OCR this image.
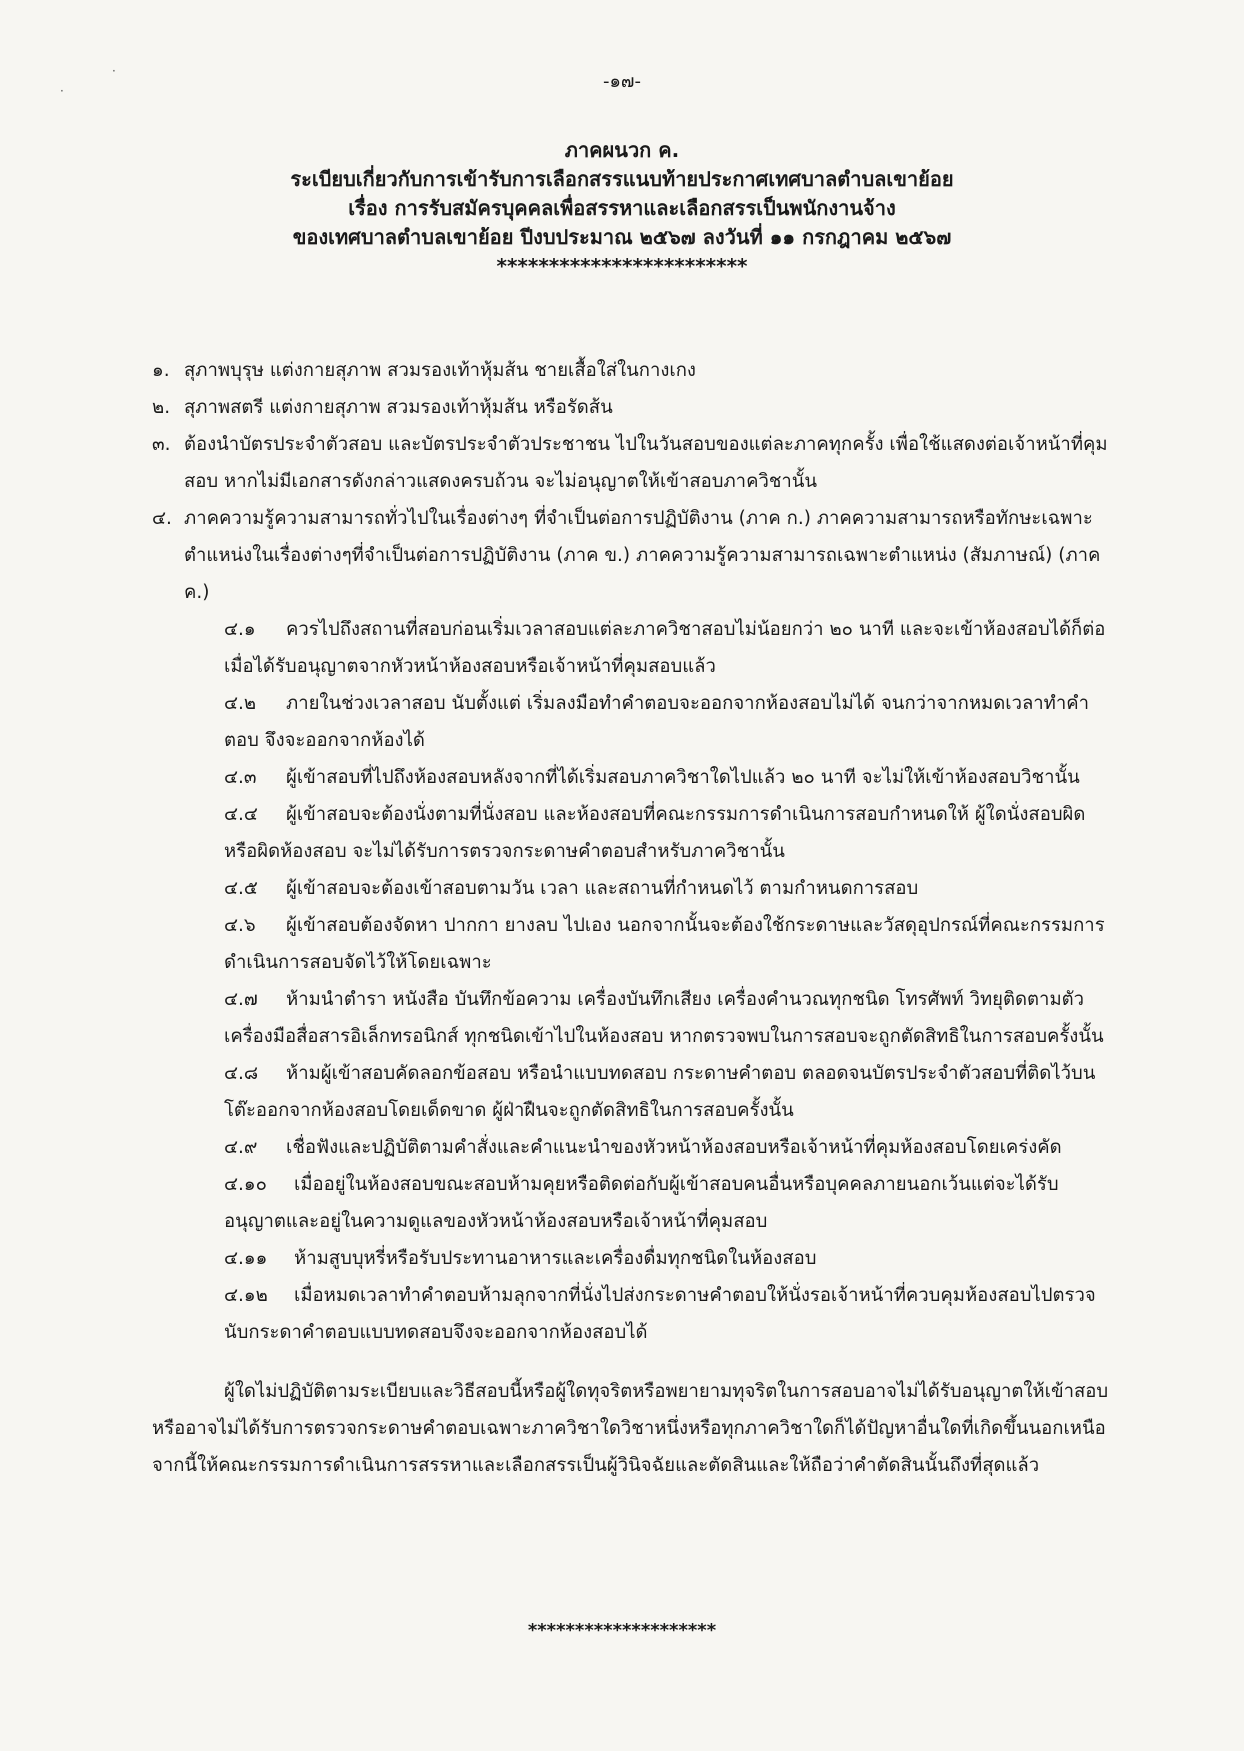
·
·	-๑๗-
ภาคผนวก ค.
ระเบียบเกี่ยวกับการเข้ารับการเลือกสรรแนบท้ายประกาศเทศบาลตำบลเขาย้อย
เรื่อง การรับสมัครบุคคลเพื่อสรรหาและเลือกสรรเป็นพนักงานจ้าง
ของเทศบาลตำบลเขาย้อย ปีงบประมาณ ๒๕๖๗ ลงวันที่ ๑๑ กรกฎาคม ๒๕๖๗
************************
๑. สุภาพบุรุษ แต่งกายสุภาพ สวมรองเท้าหุ้มส้น ชายเสื้อใส่ในกางเกง
๒. สุภาพสตรี แต่งกายสุภาพ สวมรองเท้าหุ้มส้น หรือรัดส้น
๓. ต้องนำบัตรประจำตัวสอบ และบัตรประจำตัวประชาชน ไปในวันสอบของแต่ละภาคทุกครั้ง เพื่อใช้แสดงต่อเจ้าหน้าที่คุมสอบ หากไม่มีเอกสารดังกล่าวแสดงครบถ้วน จะไม่อนุญาตให้เข้าสอบภาควิชานั้น
๔. ภาคความรู้ความสามารถทั่วไปในเรื่องต่างๆ ที่จำเป็นต่อการปฏิบัติงาน (ภาค ก.) ภาคความสามารถหรือทักษะเฉพาะตำแหน่งในเรื่องต่างๆที่จำเป็นต่อการปฏิบัติงาน (ภาค ข.) ภาคความรู้ความสามารถเฉพาะตำแหน่ง (สัมภาษณ์) (ภาค ค.)
๔.๑	ควรไปถึงสถานที่สอบก่อนเริ่มเวลาสอบแต่ละภาควิชาสอบไม่น้อยกว่า ๒๐ นาที และจะเข้าห้องสอบได้ก็ต่อเมื่อได้รับอนุญาตจากหัวหน้าห้องสอบหรือเจ้าหน้าที่คุมสอบแล้ว
๔.๒	ภายในช่วงเวลาสอบ นับตั้งแต่ เริ่มลงมือทำคำตอบจะออกจากห้องสอบไม่ได้ จนกว่าจากหมดเวลาทำคำตอบ จึงจะออกจากห้องได้
๔.๓	ผู้เข้าสอบที่ไปถึงห้องสอบหลังจากที่ได้เริ่มสอบภาควิชาใดไปแล้ว ๒๐ นาที จะไม่ให้เข้าห้องสอบวิชานั้น
๔.๔	ผู้เข้าสอบจะต้องนั่งตามที่นั่งสอบ และห้องสอบที่คณะกรรมการดำเนินการสอบกำหนดให้ ผู้ใดนั่งสอบผิดหรือผิดห้องสอบ จะไม่ได้รับการตรวจกระดาษคำตอบสำหรับภาควิชานั้น
๔.๕	ผู้เข้าสอบจะต้องเข้าสอบตามวัน เวลา และสถานที่กำหนดไว้ ตามกำหนดการสอบ
๔.๖	ผู้เข้าสอบต้องจัดหา ปากกา ยางลบ ไปเอง นอกจากนั้นจะต้องใช้กระดาษและวัสดุอุปกรณ์ที่คณะกรรมการดำเนินการสอบจัดไว้ให้โดยเฉพาะ
๔.๗	ห้ามนำตำรา หนังสือ บันทึกข้อความ เครื่องบันทึกเสียง เครื่องคำนวณทุกชนิด โทรศัพท์ วิทยุติดตามตัว เครื่องมือสื่อสารอิเล็กทรอนิกส์ ทุกชนิดเข้าไปในห้องสอบ หากตรวจพบในการสอบจะถูกตัดสิทธิในการสอบครั้งนั้น
๔.๘	ห้ามผู้เข้าสอบคัดลอกข้อสอบ หรือนำแบบทดสอบ กระดาษคำตอบ ตลอดจนบัตรประจำตัวสอบที่ติดไว้บนโต๊ะออกจากห้องสอบโดยเด็ดขาด ผู้ฝ่าฝืนจะถูกตัดสิทธิในการสอบครั้งนั้น
๔.๙	เชื่อฟังและปฏิบัติตามคำสั่งและคำแนะนำของหัวหน้าห้องสอบหรือเจ้าหน้าที่คุมห้องสอบโดยเคร่งคัด
๔.๑๐	เมื่ออยู่ในห้องสอบขณะสอบห้ามคุยหรือติดต่อกับผู้เข้าสอบคนอื่นหรือบุคคลภายนอกเว้นแต่จะได้รับอนุญาตและอยู่ในความดูแลของหัวหน้าห้องสอบหรือเจ้าหน้าที่คุมสอบ
๔.๑๑	ห้ามสูบบุหรี่หรือรับประทานอาหารและเครื่องดื่มทุกชนิดในห้องสอบ
๔.๑๒	เมื่อหมดเวลาทำคำตอบห้ามลุกจากที่นั่งไปส่งกระดาษคำตอบให้นั่งรอเจ้าหน้าที่ควบคุมห้องสอบไปตรวจนับกระดาคำตอบแบบทดสอบจึงจะออกจากห้องสอบได้
ผู้ใดไม่ปฏิบัติตามระเบียบและวิธีสอบนี้หรือผู้ใดทุจริตหรือพยายามทุจริตในการสอบอาจไม่ได้รับอนุญาตให้เข้าสอบหรืออาจไม่ได้รับการตรวจกระดาษคำตอบเฉพาะภาควิชาใดวิชาหนึ่งหรือทุกภาควิชาใดก็ได้ปัญหาอื่นใดที่เกิดขึ้นนอกเหนือจากนี้ให้คณะกรรมการดำเนินการสรรหาและเลือกสรรเป็นผู้วินิจฉัยและตัดสินและให้ถือว่าคำตัดสินนั้นถึงที่สุดแล้ว
********************
